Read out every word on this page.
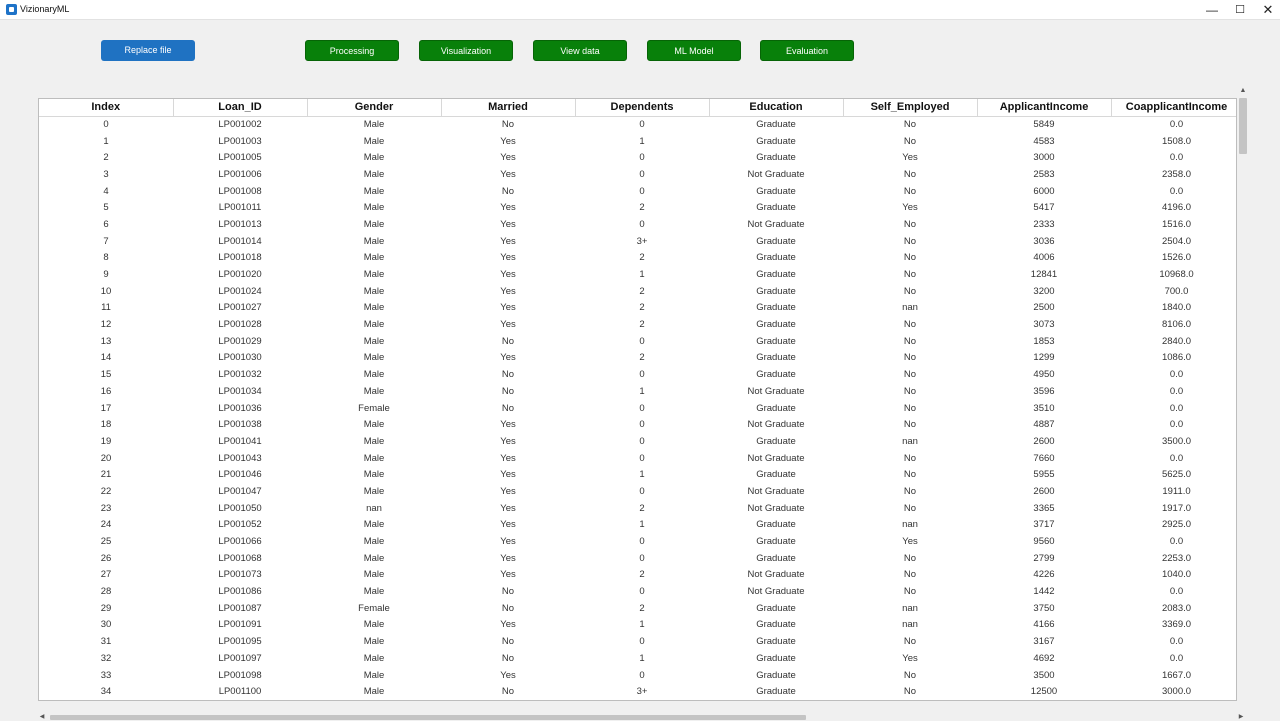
VizionaryML	—	☐	✕
Replace file	Processing	Visualization	View data	ML Model	Evaluation
Index	Loan_ID	Gender	Married	Dependents	Education	Self_Employed	ApplicantIncome	CoapplicantIncome
0	LP001002	Male	No	0	Graduate	No	5849	0.0
1	LP001003	Male	Yes	1	Graduate	No	4583	1508.0
2	LP001005	Male	Yes	0	Graduate	Yes	3000	0.0
3	LP001006	Male	Yes	0	Not Graduate	No	2583	2358.0
4	LP001008	Male	No	0	Graduate	No	6000	0.0
5	LP001011	Male	Yes	2	Graduate	Yes	5417	4196.0
6	LP001013	Male	Yes	0	Not Graduate	No	2333	1516.0
7	LP001014	Male	Yes	3+	Graduate	No	3036	2504.0
8	LP001018	Male	Yes	2	Graduate	No	4006	1526.0
9	LP001020	Male	Yes	1	Graduate	No	12841	10968.0
10	LP001024	Male	Yes	2	Graduate	No	3200	700.0
11	LP001027	Male	Yes	2	Graduate	nan	2500	1840.0
12	LP001028	Male	Yes	2	Graduate	No	3073	8106.0
13	LP001029	Male	No	0	Graduate	No	1853	2840.0
14	LP001030	Male	Yes	2	Graduate	No	1299	1086.0
15	LP001032	Male	No	0	Graduate	No	4950	0.0
16	LP001034	Male	No	1	Not Graduate	No	3596	0.0
17	LP001036	Female	No	0	Graduate	No	3510	0.0
18	LP001038	Male	Yes	0	Not Graduate	No	4887	0.0
19	LP001041	Male	Yes	0	Graduate	nan	2600	3500.0
20	LP001043	Male	Yes	0	Not Graduate	No	7660	0.0
21	LP001046	Male	Yes	1	Graduate	No	5955	5625.0
22	LP001047	Male	Yes	0	Not Graduate	No	2600	1911.0
23	LP001050	nan	Yes	2	Not Graduate	No	3365	1917.0
24	LP001052	Male	Yes	1	Graduate	nan	3717	2925.0
25	LP001066	Male	Yes	0	Graduate	Yes	9560	0.0
26	LP001068	Male	Yes	0	Graduate	No	2799	2253.0
27	LP001073	Male	Yes	2	Not Graduate	No	4226	1040.0
28	LP001086	Male	No	0	Not Graduate	No	1442	0.0
29	LP001087	Female	No	2	Graduate	nan	3750	2083.0
30	LP001091	Male	Yes	1	Graduate	nan	4166	3369.0
31	LP001095	Male	No	0	Graduate	No	3167	0.0
32	LP001097	Male	No	1	Graduate	Yes	4692	0.0
33	LP001098	Male	Yes	0	Graduate	No	3500	1667.0
34	LP001100	Male	No	3+	Graduate	No	12500	3000.0
▲
◀	▶
